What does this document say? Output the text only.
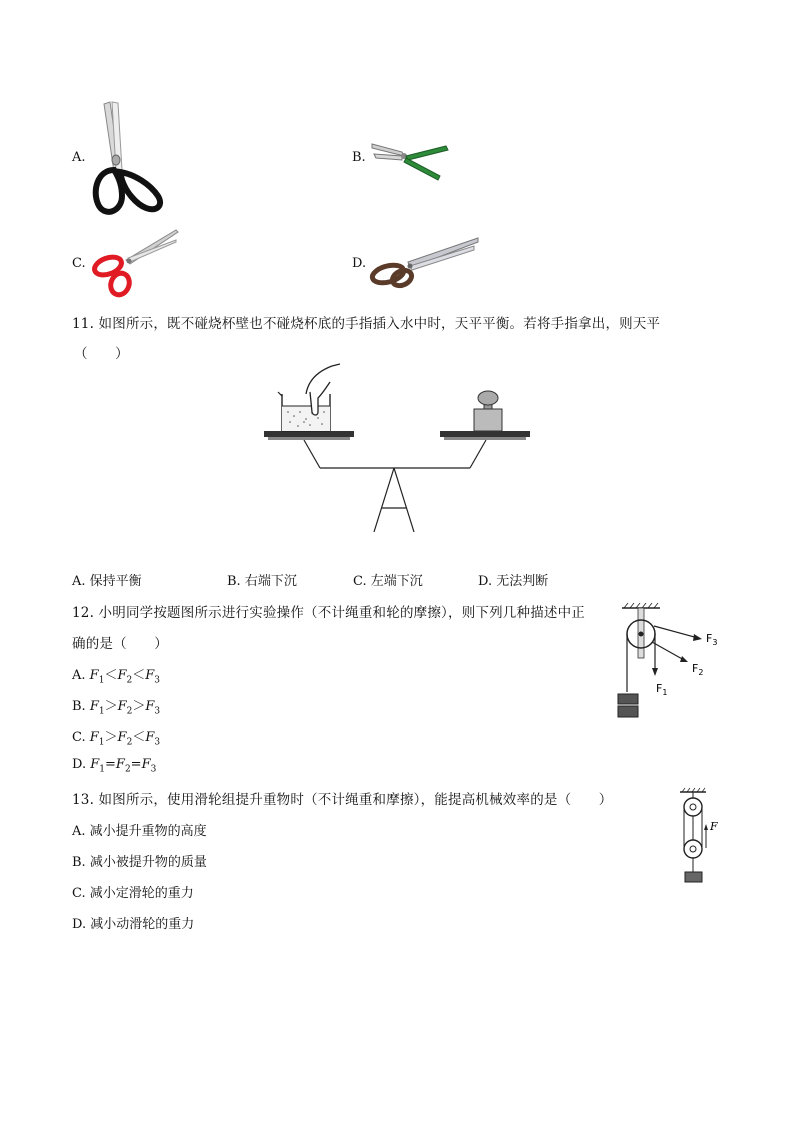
A.	B.
C.	D.
11. 如图所示，既不碰烧杯壁也不碰烧杯底的手指插入水中时，天平平衡。若将手指拿出，则天平
（　　）
A. 保持平衡	B. 右端下沉	C. 左端下沉	D. 无法判断
12. 小明同学按题图所示进行实验操作（不计绳重和轮的摩擦），则下列几种描述中正
确的是（　　）
A. $F_1<F_2<F_3$
B. $F_1>F_2>F_3$
C. $F_1>F_2<F_3$
D. $F_1=F_2=F_3$
$F_1$
$F_2$
$F_3$
13. 如图所示，使用滑轮组提升重物时（不计绳重和摩擦），能提高机械效率的是（　　）
A. 减小提升重物的高度
B. 减小被提升物的质量
C. 减小定滑轮的重力
D. 减小动滑轮的重力
F
